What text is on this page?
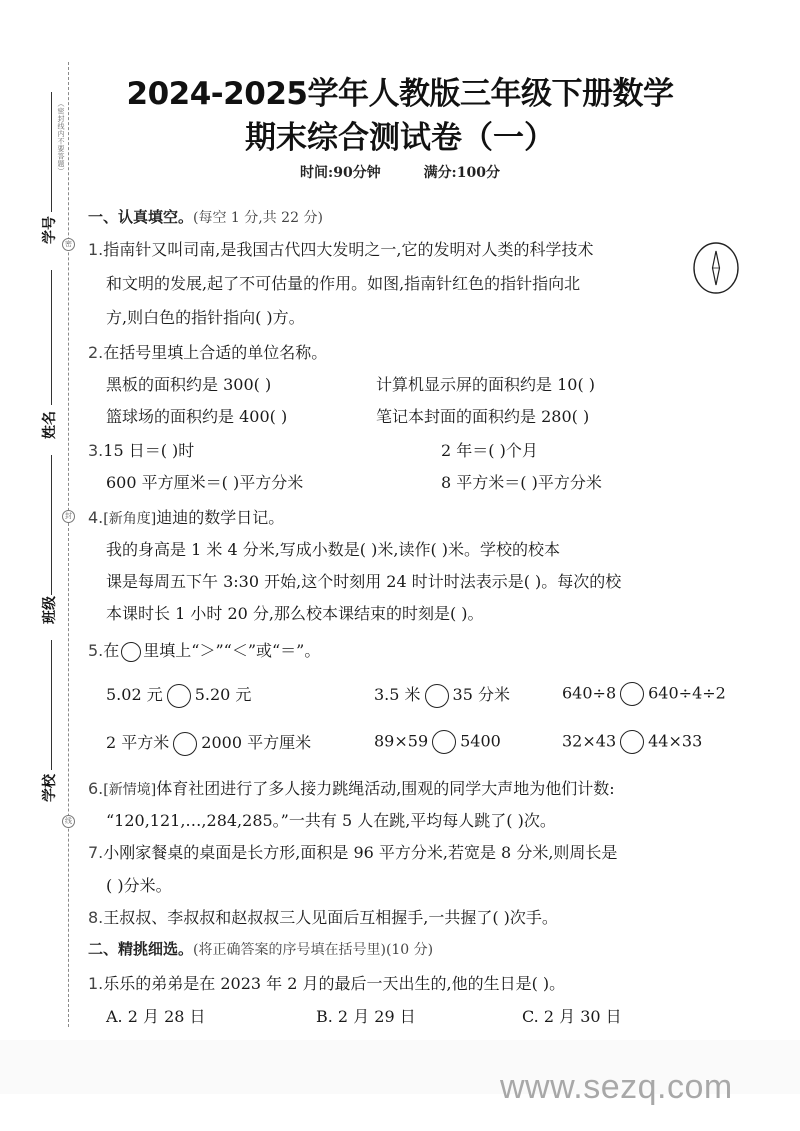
（密封线内不要答题）
密
封
线
学号
姓名
班级
学校
2024-2025学年人教版三年级下册数学
期末综合测试卷（一）
时间:90分钟	满分:100分
一、认真填空。(每空 1 分,共 22 分)
1.指南针又叫司南,是我国古代四大发明之一,它的发明对人类的科学技术
和文明的发展,起了不可估量的作用。如图,指南针红色的指针指向北
方,则白色的指针指向( )方。
2.在括号里填上合适的单位名称。
黑板的面积约是 300( )	计算机显示屏的面积约是 10( )
篮球场的面积约是 400( )	笔记本封面的面积约是 280( )
3.15 日＝( )时	2 年＝( )个月
600 平方厘米＝( )平方分米	8 平方米＝( )平方分米
4.[新角度]迪迪的数学日记。
我的身高是 1 米 4 分米,写成小数是( )米,读作( )米。学校的校本
课是每周五下午 3:30 开始,这个时刻用 24 时计时法表示是( )。每次的校
本课时长 1 小时 20 分,那么校本课结束的时刻是( )。
5.在 里填上“＞”“＜”或“＝”。
5.02 元 5.20 元	3.5 米 35 分米	640÷8 640÷4÷2
2 平方米 2000 平方厘米	89×59 5400	32×43 44×33
6.[新情境]体育社团进行了多人接力跳绳活动,围观的同学大声地为他们计数:
“120,121,…,284,285。”一共有 5 人在跳,平均每人跳了( )次。
7.小刚家餐桌的桌面是长方形,面积是 96 平方分米,若宽是 8 分米,则周长是
( )分米。
8.王叔叔、李叔叔和赵叔叔三人见面后互相握手,一共握了( )次手。
二、精挑细选。(将正确答案的序号填在括号里)(10 分)
1.乐乐的弟弟是在 2023 年 2 月的最后一天出生的,他的生日是( )。
A. 2 月 28 日	B. 2 月 29 日	C. 2 月 30 日
www.sezq.com
